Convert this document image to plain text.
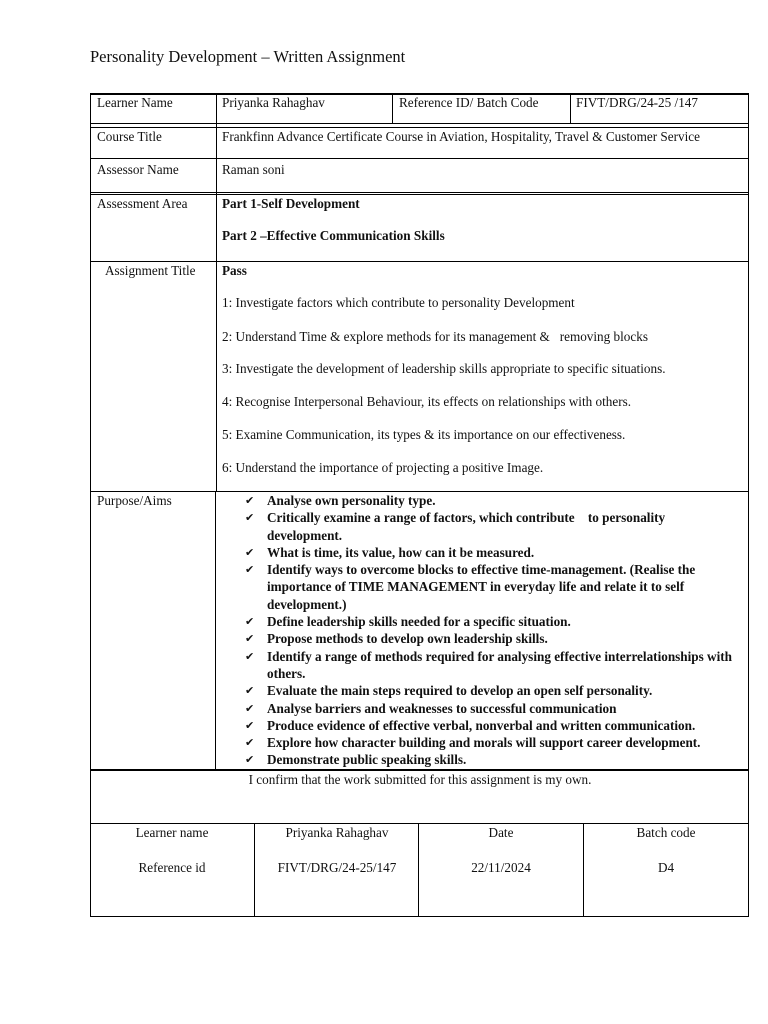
Personality Development – Written Assignment
Learner Name	Priyanka Rahaghav	Reference ID/ Batch Code	FIVT/DRG/24-25 /147
Course Title	Frankfinn Advance Certificate Course in Aviation, Hospitality, Travel & Customer Service
Assessor Name	Raman soni
Assessment Area	Part 1-Self Development
Part 2 –Effective Communication Skills
Assignment Title Pass
1: Investigate factors which contribute to personality Development
2: Understand Time & explore methods for its management &   removing blocks
3: Investigate the development of leadership skills appropriate to specific situations.
4: Recognise Interpersonal Behaviour, its effects on relationships with others.
5: Examine Communication, its types & its importance on our effectiveness.
6: Understand the importance of projecting a positive Image.
Purpose/Aims	✔ Analyse own personality type.
✔ Critically examine a range of factors, which contribute    to personality development.
✔ What is time, its value, how can it be measured.
✔ Identify ways to overcome blocks to effective time-management. (Realise the importance of TIME MANAGEMENT in everyday life and relate it to self development.)
✔ Define leadership skills needed for a specific situation.
✔ Propose methods to develop own leadership skills.
✔ Identify a range of methods required for analysing effective interrelationships with others.
✔ Evaluate the main steps required to develop an open self personality.
✔ Analyse barriers and weaknesses to successful communication
✔ Produce evidence of effective verbal, nonverbal and written communication.
✔ Explore how character building and morals will support career development.
✔ Demonstrate public speaking skills.
I confirm that the work submitted for this assignment is my own.
Learner name	Priyanka Rahaghav	Date	Batch code
Reference id	FIVT/DRG/24-25/147	22/11/2024	D4
